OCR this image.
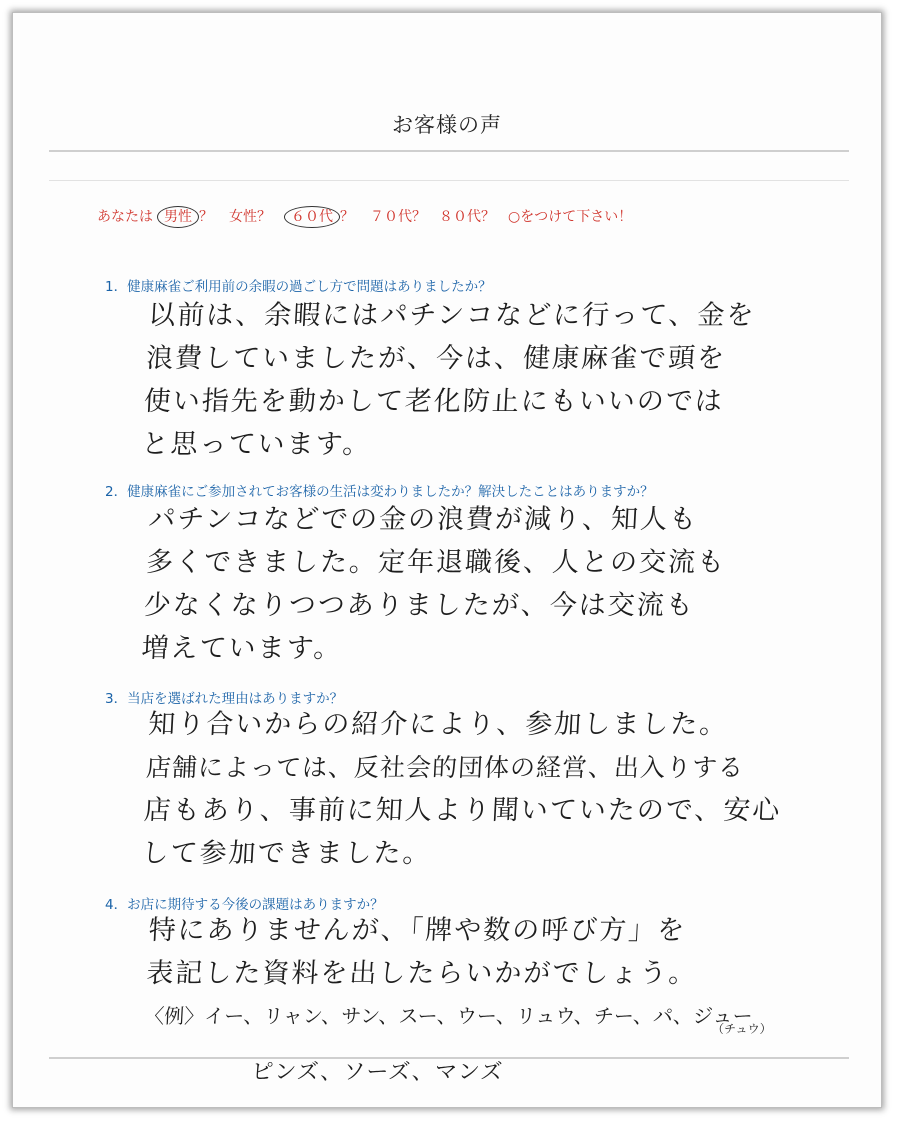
お客様の声
あなたは 男性 ？ 女性？ ６０代 ？ ７０代？ ８０代？ ○をつけて下さい！
1．健康麻雀ご利用前の余暇の過ごし方で問題はありましたか？
以前は、余暇にはパチンコなどに行って、金を
浪費していましたが、今は、健康麻雀で頭を
使い指先を動かして老化防止にもいいのでは
と思っています。
2．健康麻雀にご参加されてお客様の生活は変わりましたか？解決したことはありますか？
パチンコなどでの金の浪費が減り、知人も
多くできました。定年退職後、人との交流も
少なくなりつつありましたが、今は交流も
増えています。
3．当店を選ばれた理由はありますか？
知り合いからの紹介により、参加しました。
店舗によっては、反社会的団体の経営、出入りする
店もあり、事前に知人より聞いていたので、安心
して参加できました。
4．お店に期待する今後の課題はありますか？
特にありませんが、「牌や数の呼び方」を
表記した資料を出したらいかがでしょう。
〈例〉イー、リャン、サン、スー、ウー、リュウ、チー、パ、ジュー$_{(チュウ)}$
ピンズ、ソーズ、マンズ
